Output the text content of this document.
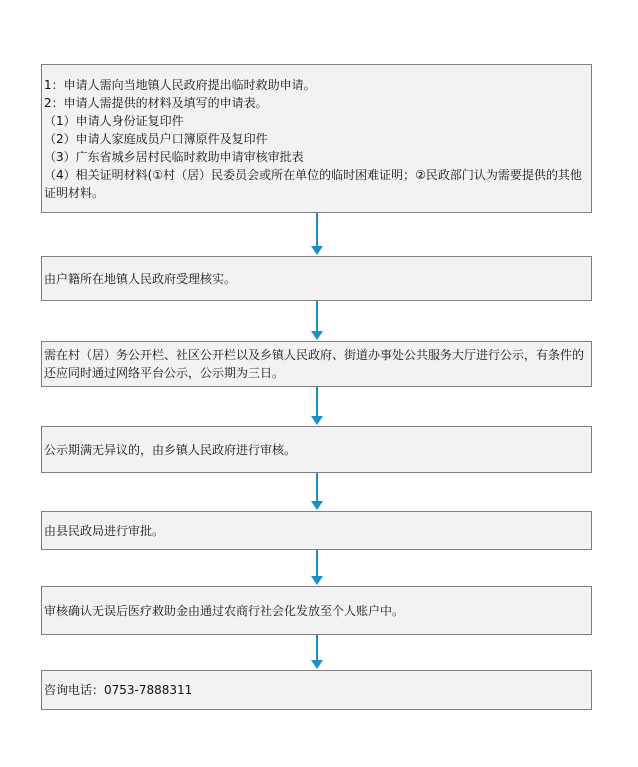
1：申请人需向当地镇人民政府提出临时救助申请。
2：申请人需提供的材料及填写的申请表。
（1）申请人身份证复印件
（2）申请人家庭成员户口簿原件及复印件
（3）广东省城乡居村民临时救助申请审核审批表
（4）相关证明材料(①村（居）民委员会或所在单位的临时困难证明；②民政部门认为需要提供的其他证明材料。
由户籍所在地镇人民政府受理核实。
需在村（居）务公开栏、社区公开栏以及乡镇人民政府、街道办事处公共服务大厅进行公示，有条件的还应同时通过网络平台公示，公示期为三日。
公示期满无异议的，由乡镇人民政府进行审核。
由县民政局进行审批。
审核确认无误后医疗救助金由通过农商行社会化发放至个人账户中。
咨询电话：0753-7888311
